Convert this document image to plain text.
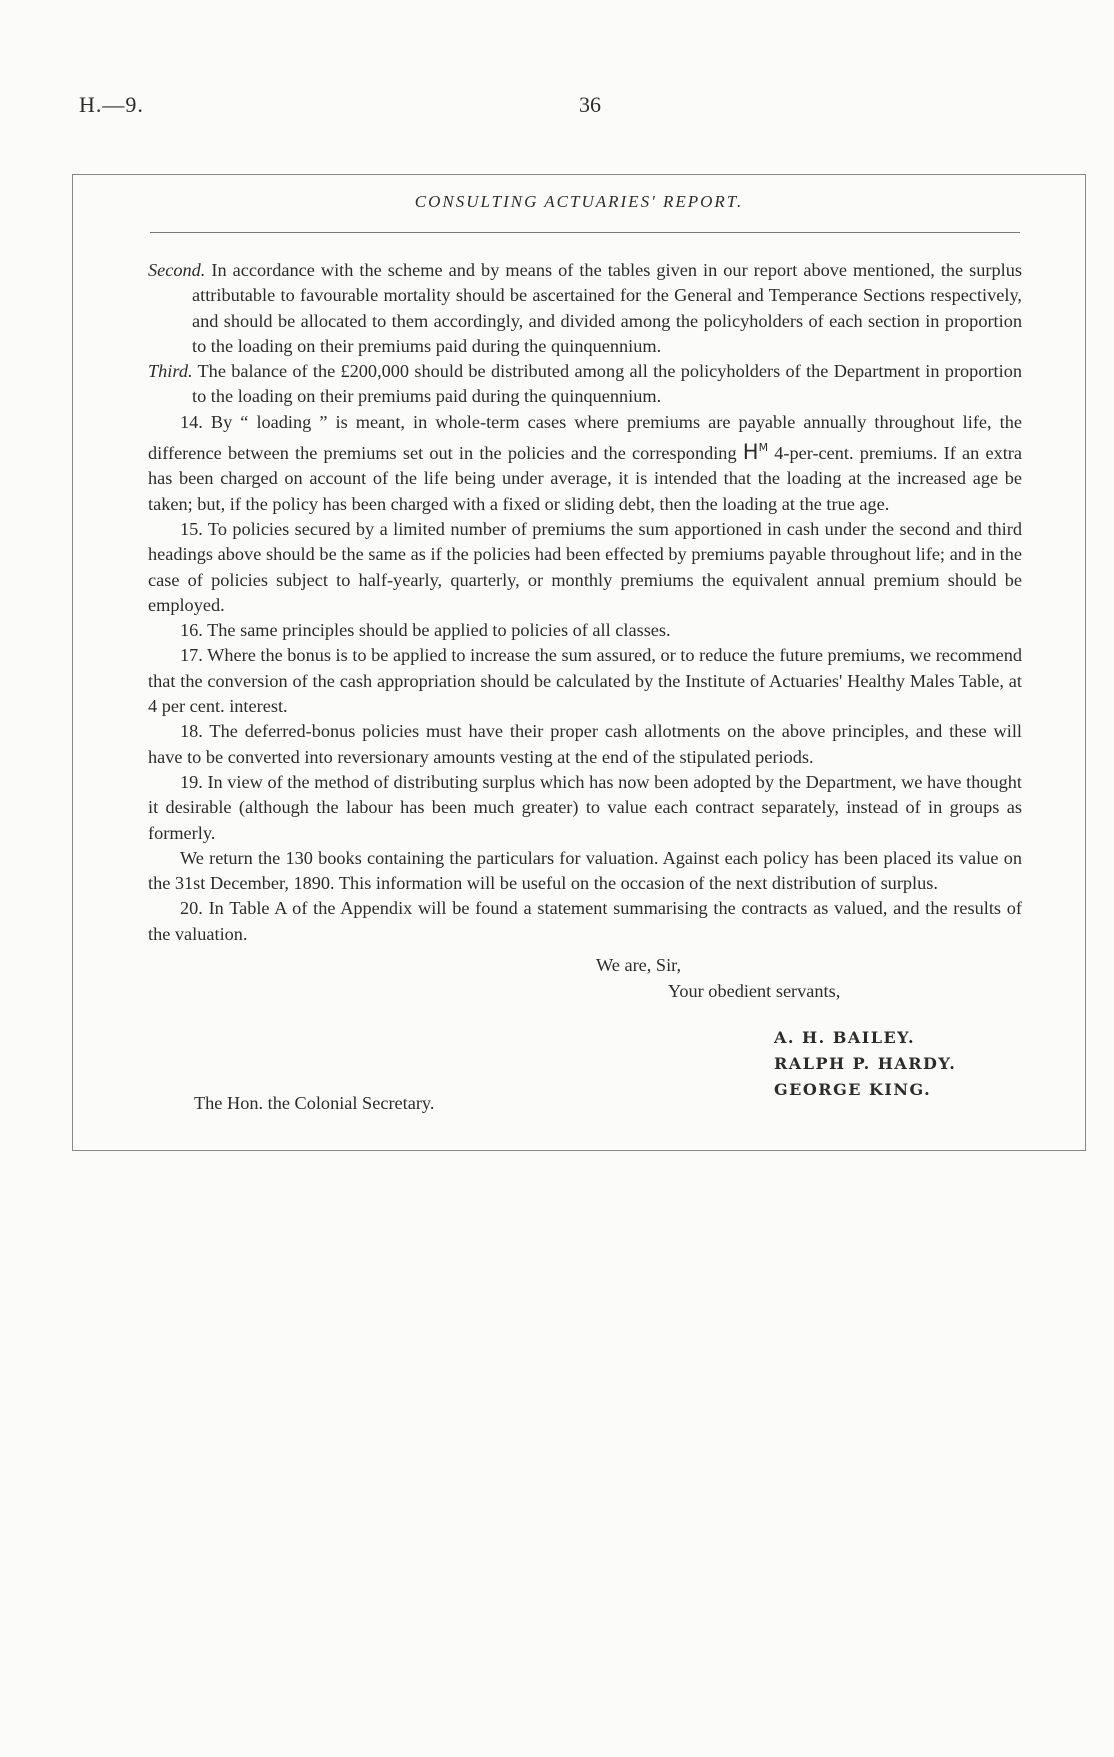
H.—9.	36
CONSULTING ACTUARIES' REPORT.

Second. In accordance with the scheme and by means of the tables given in our report above mentioned, the surplus attributable to favourable mortality should be ascertained for the General and Temperance Sections respectively, and should be allocated to them accordingly, and divided among the policyholders of each section in proportion to the loading on their premiums paid during the quinquennium.

Third. The balance of the £200,000 should be distributed among all the policyholders of the Department in proportion to the loading on their premiums paid during the quinquennium.

14. By “ loading ” is meant, in whole-term cases where premiums are payable annually throughout life, the difference between the premiums set out in the policies and the corresponding $H^M$ 4-per-cent. premiums. If an extra has been charged on account of the life being under average, it is intended that the loading at the increased age be taken; but, if the policy has been charged with a fixed or sliding debt, then the loading at the true age.

15. To policies secured by a limited number of premiums the sum apportioned in cash under the second and third headings above should be the same as if the policies had been effected by premiums payable throughout life; and in the case of policies subject to half-yearly, quarterly, or monthly premiums the equivalent annual premium should be employed.

16. The same principles should be applied to policies of all classes.

17. Where the bonus is to be applied to increase the sum assured, or to reduce the future premiums, we recommend that the conversion of the cash appropriation should be calculated by the Institute of Actuaries' Healthy Males Table, at 4 per cent. interest.

18. The deferred-bonus policies must have their proper cash allotments on the above principles, and these will have to be converted into reversionary amounts vesting at the end of the stipulated periods.

19. In view of the method of distributing surplus which has now been adopted by the Department, we have thought it desirable (although the labour has been much greater) to value each contract separately, instead of in groups as formerly.

We return the 130 books containing the particulars for valuation. Against each policy has been placed its value on the 31st December, 1890. This information will be useful on the occasion of the next distribution of surplus.

20. In Table A of the Appendix will be found a statement summarising the contracts as valued, and the results of the valuation.

We are, Sir,
Your obedient servants,
A. H. BAILEY.
RALPH P. HARDY.
GEORGE KING.
The Hon. the Colonial Secretary.
